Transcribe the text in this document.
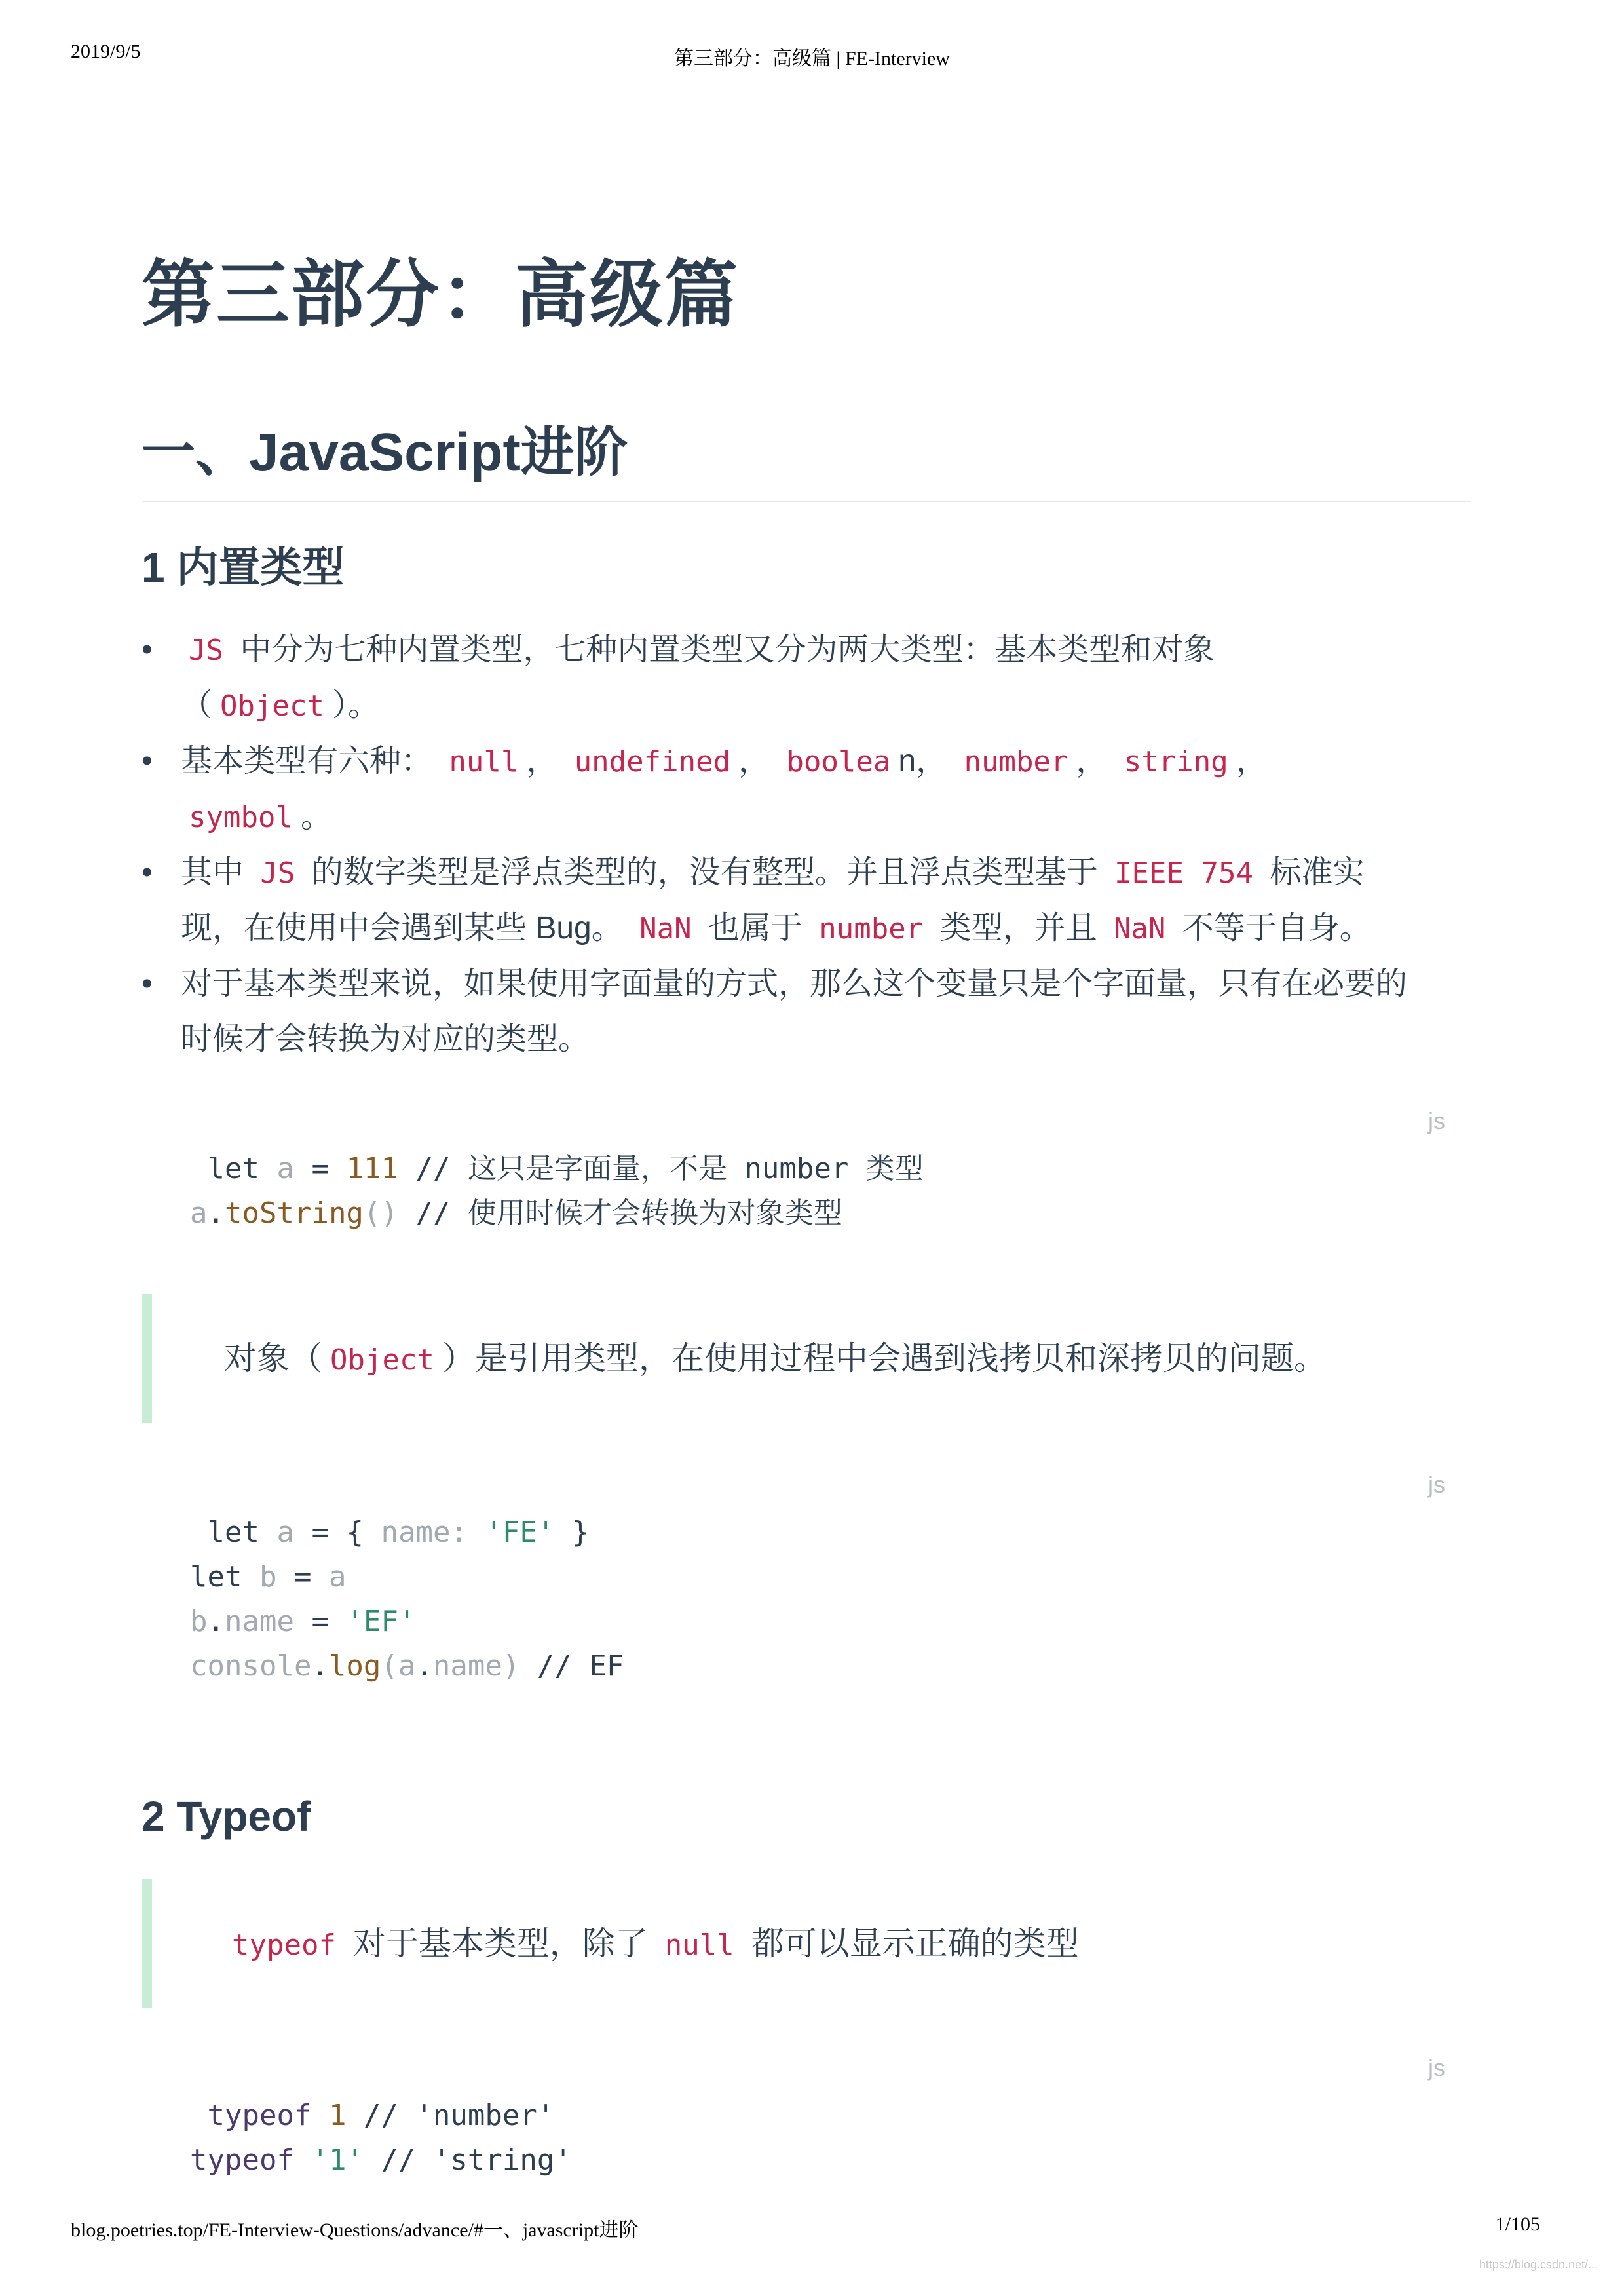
2019/9/5	第三部分：高级篇 | FE-Interview
第三部分：高级篇
一、JavaScript进阶
1 内置类型
• JS 中分为七种内置类型，七种内置类型又分为两大类型：基本类型和对象
（ Object ）。
• 基本类型有六种： null ， undefined ， boolea n， number ， string ，
symbol 。
• 其中 JS 的数字类型是浮点类型的，没有整型。并且浮点类型基于 IEEE 754 标准实
现，在使用中会遇到某些 Bug。 NaN 也属于 number 类型，并且 NaN 不等于自身。
• 对于基本类型来说，如果使用字面量的方式，那么这个变量只是个字面量，只有在必要的
时候才会转换为对应的类型。
js
let a = 111 // 这只是字面量，不是 number 类型
a.toString() // 使用时候才会转换为对象类型

对象（ Object ）是引用类型，在使用过程中会遇到浅拷贝和深拷贝的问题。

js
let a = { name: 'FE' }
let b = a
b.name = 'EF'
console.log(a.name) // EF
2 Typeof

typeof 对于基本类型，除了 null 都可以显示正确的类型

js
typeof 1 // 'number'
typeof '1' // 'string'
blog.poetries.top/FE-Interview-Questions/advance/#一、javascript进阶	1/105
https://blog.csdn.net/...
